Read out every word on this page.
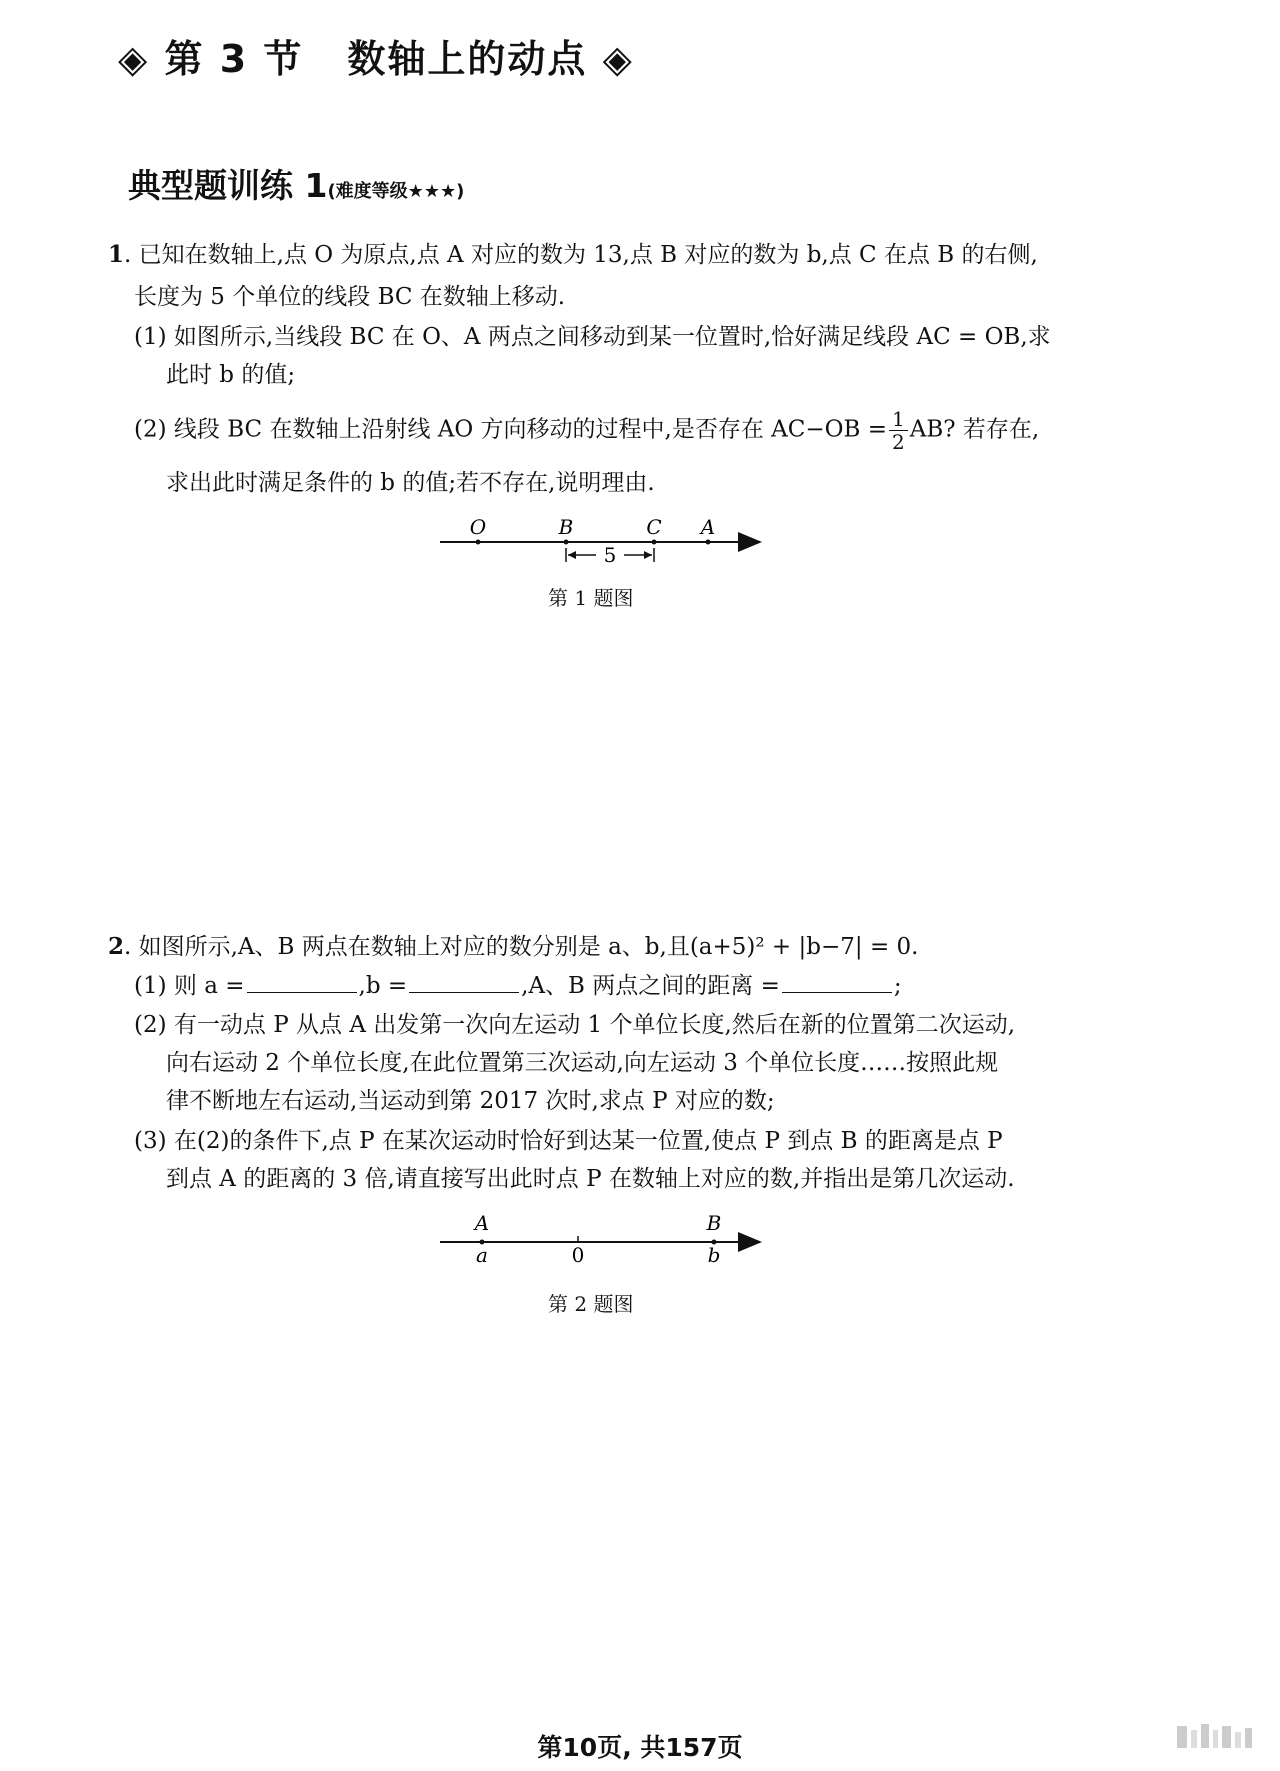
◈ 第 3 节 数轴上的动点 ◈
典型题训练 1(难度等级★★★)
1. 已知在数轴上,点 O 为原点,点 A 对应的数为 13,点 B 对应的数为 b,点 C 在点 B 的右侧,
长度为 5 个单位的线段 BC 在数轴上移动.
(1) 如图所示,当线段 BC 在 O、A 两点之间移动到某一位置时,恰好满足线段 AC = OB,求
此时 b 的值;
(2) 线段 BC 在数轴上沿射线 AO 方向移动的过程中,是否存在 $AC-OB = \frac{1}{2}$ AB? 若存在,
求出此时满足条件的 b 的值;若不存在,说明理由.
O	B	C A
5
第 1 题图
2. 如图所示,A、B 两点在数轴上对应的数分别是 a、b,且(a+5)² + |b−7| = 0.
(1) 则 a =	,b =	,A、B 两点之间的距离 =	;
(2) 有一动点 P 从点 A 出发第一次向左运动 1 个单位长度,然后在新的位置第二次运动,
向右运动 2 个单位长度,在此位置第三次运动,向左运动 3 个单位长度……按照此规
律不断地左右运动,当运动到第 2017 次时,求点 P 对应的数;
(3) 在(2)的条件下,点 P 在某次运动时恰好到达某一位置,使点 P 到点 B 的距离是点 P
到点 A 的距离的 3 倍,请直接写出此时点 P 在数轴上对应的数,并指出是第几次运动.
A	B
a	0	b
第 2 题图
第10页, 共157页
